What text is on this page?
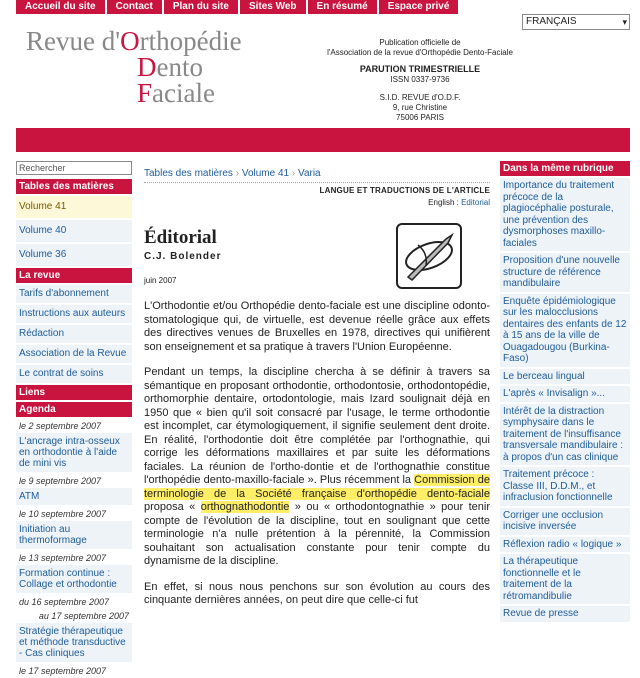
Accueil du site	Contact	Plan du site	Sites Web	En résumé	Espace privé
FRANÇAIS ▾
Revue d'Orthopédie
Dento
Faciale
Publication officielle de
l'Association de la revue d'Orthopédie Dento-Faciale
PARUTION TRIMESTRIELLE
ISSN 0337-9736
S.I.D. REVUE d'O.D.F.
9, rue Christine
75006 PARIS
Rechercher
Tables des matières
Volume 41
Volume 40
Volume 36
La revue
Tarifs d'abonnement
Instructions aux auteurs
Rédaction
Association de la Revue
Le contrat de soins
Liens
Agenda
le 2 septembre 2007
L'ancrage intra-osseux en orthodontie à l'aide de mini vis
le 9 septembre 2007
ATM
le 10 septembre 2007
Initiation au thermoformage
le 13 septembre 2007
Formation continue : Collage et orthodontie
du 16 septembre 2007
au 17 septembre 2007
Stratégie thérapeutique et méthode transductive - Cas cliniques
le 17 septembre 2007
Tables des matières › Volume 41 › Varia
LANGUE ET TRADUCTIONS DE L'ARTICLE
English : Editorial
Éditorial
C.J. Bolender
juin 2007

L'Orthodontie et/ou Orthopédie dento-faciale est une discipline odonto-stomatologique qui, de virtuelle, est devenue réelle grâce aux effets des directives venues de Bruxelles en 1978, directives qui unifièrent son enseignement et sa pratique à travers l'Union Européenne.

Pendant un temps, la discipline chercha à se définir à travers sa sémantique en proposant orthodontie, orthodontosie, orthodontopédie, orthomorphie dentaire, ortodontologie, mais Izard soulignait déjà en 1950 que « bien qu'il soit consacré par l'usage, le terme orthodontie est incomplet, car étymologiquement, il signifie seulement dent droite. En réalité, l'orthodontie doit être complétée par l'orthognathie, qui corrige les déformations maxillaires et par suite les déformations faciales. La réunion de l'ortho-dontie et de l'orthognathie constitue l'orthopédie dento-maxillo-faciale ». Plus récemment la Commission de terminologie de la Société française d'orthopédie dento-faciale proposa « orthognathodontie » ou « orthodontognathie » pour tenir compte de l'évolution de la discipline, tout en soulignant que cette terminologie n'a nulle prétention à la pérennité, la Commission souhaitant son actualisation constante pour tenir compte du dynamisme de la discipline.

En effet, si nous nous penchons sur son évolution au cours des cinquante dernières années, on peut dire que celle-ci fut

Dans la même rubrique
Importance du traitement précoce de la plagiocéphalie posturale, une prévention des dysmorphoses maxillo-faciales
Proposition d'une nouvelle structure de référence mandibulaire
Enquête épidémiologique sur les malocclusions dentaires des enfants de 12 à 15 ans de la ville de Ouagadougou (Burkina-Faso)
Le berceau lingual
L'après « Invisalign »...
Intérêt de la distraction symphysaire dans le traitement de l'insuffisance transversale mandibulaire : à propos d'un cas clinique
Traitement précoce : Classe III, D.D.M., et infraclusion fonctionnelle
Corriger une occlusion incisive inversée
Réflexion radio « logique »
La thérapeutique fonctionnelle et le traitement de la rétromandibulie
Revue de presse
